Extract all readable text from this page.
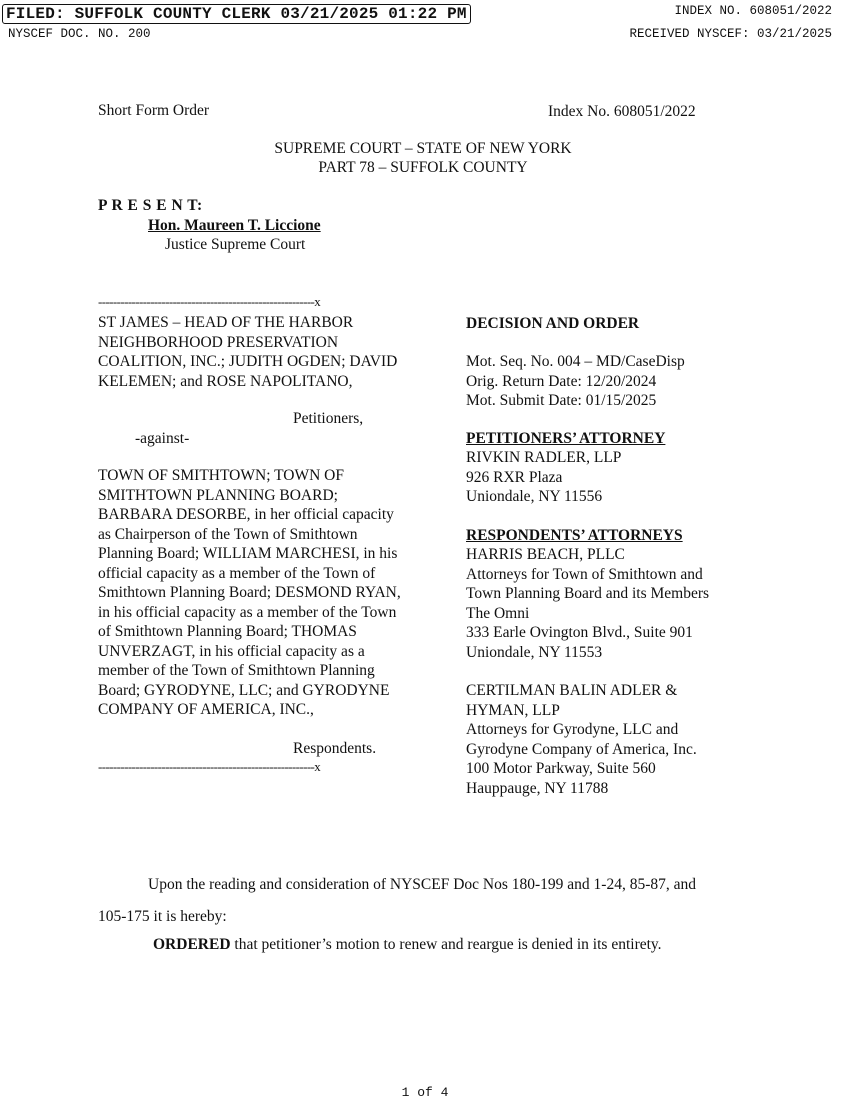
FILED: SUFFOLK COUNTY CLERK 03/21/2025 01:22 PM
NYSCEF DOC. NO. 200
INDEX NO. 608051/2022
RECEIVED NYSCEF: 03/21/2025
Short Form Order	Index No. 608051/2022
SUPREME COURT – STATE OF NEW YORK
PART 78 – SUFFOLK COUNTY
P R E S E N T:
Hon. Maureen T. Liccione
Justice Supreme Court
----------------------------------------------------------x
ST JAMES – HEAD OF THE HARBOR
NEIGHBORHOOD PRESERVATION
COALITION, INC.; JUDITH OGDEN; DAVID
KELEMEN; and ROSE NAPOLITANO,
Petitioners,
-against-
TOWN OF SMITHTOWN; TOWN OF
SMITHTOWN PLANNING BOARD;
BARBARA DESORBE, in her official capacity
as Chairperson of the Town of Smithtown
Planning Board; WILLIAM MARCHESI, in his
official capacity as a member of the Town of
Smithtown Planning Board; DESMOND RYAN,
in his official capacity as a member of the Town
of Smithtown Planning Board; THOMAS
UNVERZAGT, in his official capacity as a
member of the Town of Smithtown Planning
Board; GYRODYNE, LLC; and GYRODYNE
COMPANY OF AMERICA, INC.,
Respondents.
----------------------------------------------------------x
DECISION AND ORDER
Mot. Seq. No. 004 – MD/CaseDisp
Orig. Return Date: 12/20/2024
Mot. Submit Date: 01/15/2025
PETITIONERS’ ATTORNEY
RIVKIN RADLER, LLP
926 RXR Plaza
Uniondale, NY 11556
RESPONDENTS’ ATTORNEYS
HARRIS BEACH, PLLC
Attorneys for Town of Smithtown and
Town Planning Board and its Members
The Omni
333 Earle Ovington Blvd., Suite 901
Uniondale, NY 11553
CERTILMAN BALIN ADLER &
HYMAN, LLP
Attorneys for Gyrodyne, LLC and
Gyrodyne Company of America, Inc.
100 Motor Parkway, Suite 560
Hauppauge, NY 11788
Upon the reading and consideration of NYSCEF Doc Nos 180-199 and 1-24, 85-87, and
105-175 it is hereby:
ORDERED that petitioner’s motion to renew and reargue is denied in its entirety.
1 of 4
